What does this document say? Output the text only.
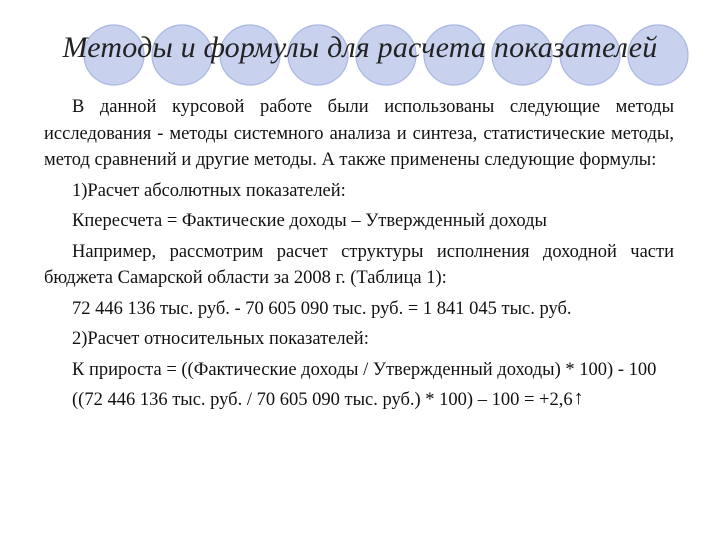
Методы и формулы для расчета показателей

В данной курсовой работе были использованы следующие методы исследования - методы системного анализа и синтеза, статистические методы, метод сравнений и другие методы. А также применены следующие формулы:

1)Расчет абсолютных показателей:

Кпересчета = Фактические доходы – Утвержденный доходы

Например, рассмотрим расчет структуры исполнения доходной части бюджета Самарской области за 2008 г. (Таблица 1):

72 446 136 тыс. руб. - 70 605 090 тыс. руб. = 1 841 045 тыс. руб.

2)Расчет относительных показателей:

К прироста = ((Фактические доходы / Утвержденный доходы) * 100) - 100

((72 446 136 тыс. руб. / 70 605 090 тыс. руб.) * 100) – 100 = +2,6↑
